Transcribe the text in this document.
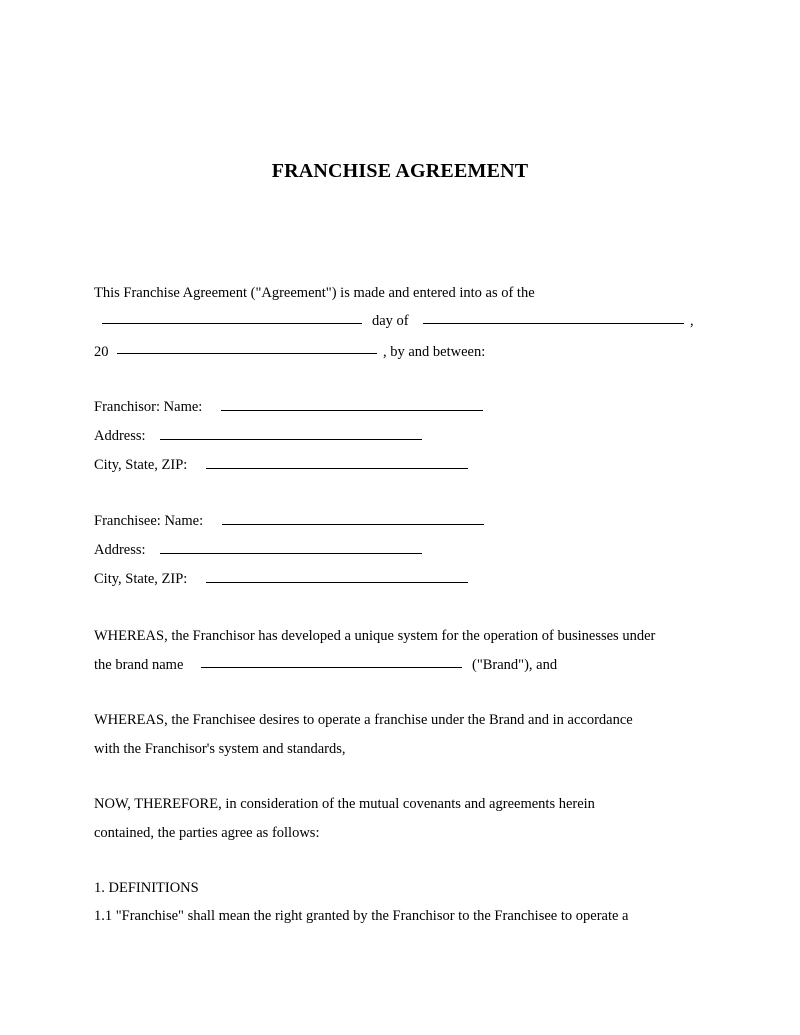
FRANCHISE AGREEMENT
This Franchise Agreement ("Agreement") is made and entered into as of the
day of	,
20	, by and between:
Franchisor: Name:
Address:
City, State, ZIP:
Franchisee: Name:
Address:
City, State, ZIP:
WHEREAS, the Franchisor has developed a unique system for the operation of businesses under
the brand name	("Brand"), and
WHEREAS, the Franchisee desires to operate a franchise under the Brand and in accordance
with the Franchisor's system and standards,
NOW, THEREFORE, in consideration of the mutual covenants and agreements herein
contained, the parties agree as follows:
1. DEFINITIONS
1.1 "Franchise" shall mean the right granted by the Franchisor to the Franchisee to operate a
